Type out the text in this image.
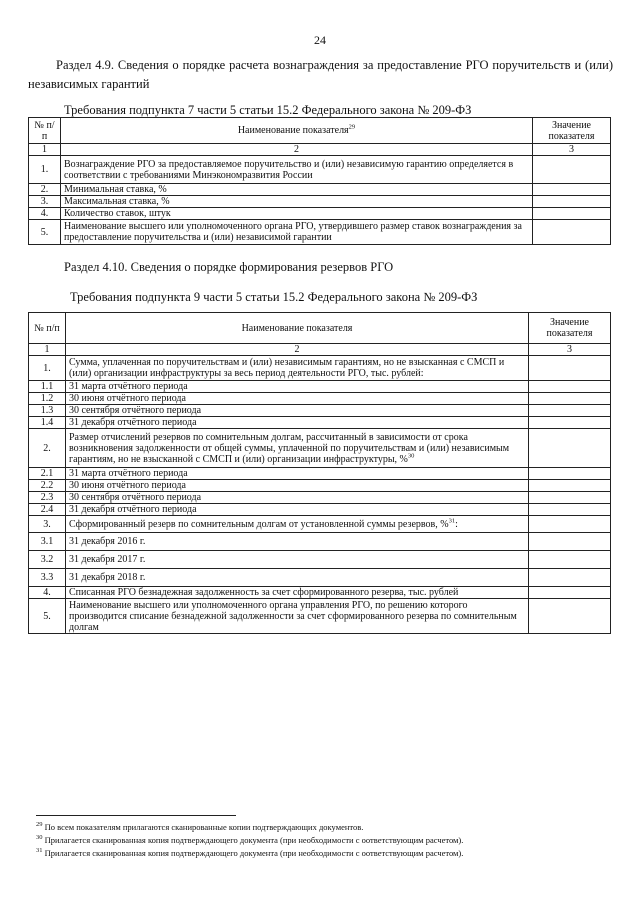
24
Раздел 4.9. Сведения о порядке расчета вознаграждения за предоставление РГО поручительств и (или) независимых гарантий
Требования подпункта 7 части 5 статьи 15.2 Федерального закона № 209-ФЗ
№ п/п	Наименование показателя$^{29}$	Значение показателя
1	2	3
1.	Вознаграждение РГО за предоставляемое поручительство и (или) независимую гарантию определяется в соответствии с требованиями Минэкономразвития России	
2.	Минимальная ставка, %	
3.	Максимальная ставка, %	
4.	Количество ставок, штук	
5.	Наименование высшего или уполномоченного органа РГО, утвердившего размер ставок вознаграждения за предоставление поручительства и (или) независимой гарантии	
Раздел 4.10. Сведения о порядке формирования резервов РГО
Требования подпункта 9 части 5 статьи 15.2 Федерального закона № 209-ФЗ
№ п/п	Наименование показателя	Значение показателя
1	2	3
1.	Сумма, уплаченная по поручительствам и (или) независимым гарантиям, но не взысканная с СМСП и (или) организации инфраструктуры за весь период деятельности РГО, тыс. рублей:	
1.1	31 марта отчётного периода	
1.2	30 июня отчётного периода	
1.3	30 сентября отчётного периода	
1.4	31 декабря отчётного периода	
2.	Размер отчислений резервов по сомнительным долгам, рассчитанный в зависимости от срока возникновения задолженности от общей суммы, уплаченной по поручительствам и (или) независимым гарантиям, но не взысканной с СМСП и (или) организации инфраструктуры, %$^{30}$	
2.1	31 марта отчётного периода	
2.2	30 июня отчётного периода	
2.3	30 сентября отчётного периода	
2.4	31 декабря отчётного периода	
3.	Сформированный резерв по сомнительным долгам от установленной суммы резервов, %$^{31}$:	
3.1	31 декабря 2016 г.	
3.2	31 декабря 2017 г.	
3.3	31 декабря 2018 г.	
4.	Списанная РГО безнадежная задолженность за счет сформированного резерва, тыс. рублей	
5.	Наименование высшего или уполномоченного органа управления РГО, по решению которого производится списание безнадежной задолженности за счет сформированного резерва по сомнительным долгам	
$^{29}$ По всем показателям прилагаются сканированные копии подтверждающих документов.
$^{30}$ Прилагается сканированная копия подтверждающего документа (при необходимости с оответствующим расчетом).
$^{31}$ Прилагается сканированная копия подтверждающего документа (при необходимости с оответствующим расчетом).
